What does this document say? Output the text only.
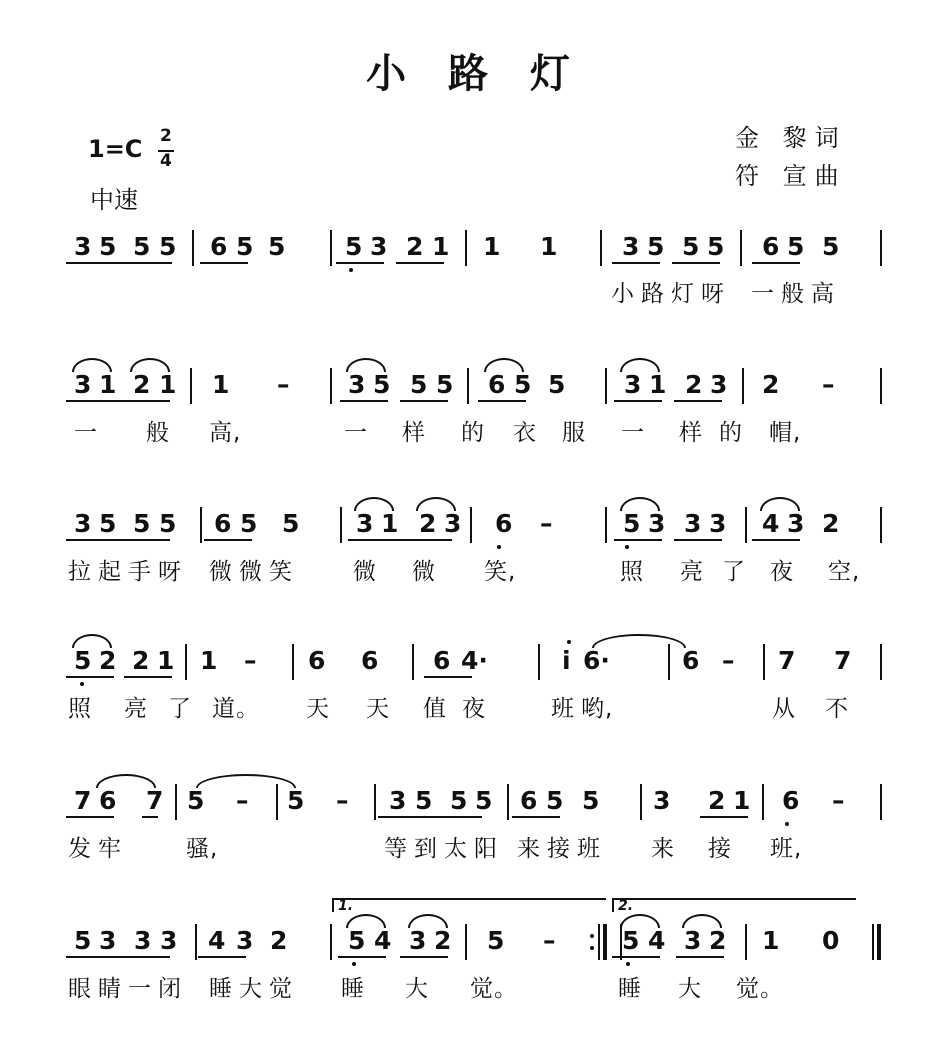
小 路 灯
1=C 2
4
中速
金 黎词
符 宣曲
3 5 5 5 6 5 5 5 3 2 1 1 1	3 5 5 5 6 5 5
小 路 灯 呀 一 般 高
3 1 2 1 1 – 3 5 5 5 6 5 5 3 1 2 3 2 –
一 般 高,	一 样 的 衣 服 一 样 的 帽,
3 5 5 5 6 5 5 3 1 2 3 6 –	5 3 3 3 4 3 2
拉 起 手 呀 微 微 笑	微 微 笑,	照 亮 了 夜 空,
5 2 2 1 1 – 6 6 6 4·	i 6·	6 – 7 7
照 亮 了 道。 天 天 值 夜	班 哟,	从 不
7 6 7 5 – 5 – 3 5 5 5 6 5 5 3 2 1 6 –
发 牢	骚,	等 到 太 阳 来 接 班 来 接 班,
5 3 3 3 4 3 2 5 4 3 2 5 –	5 4 3 2 1 0
眼 睛 一 闭 睡 大 觉 睡 大 觉。	睡 大 觉。
1.	2.
